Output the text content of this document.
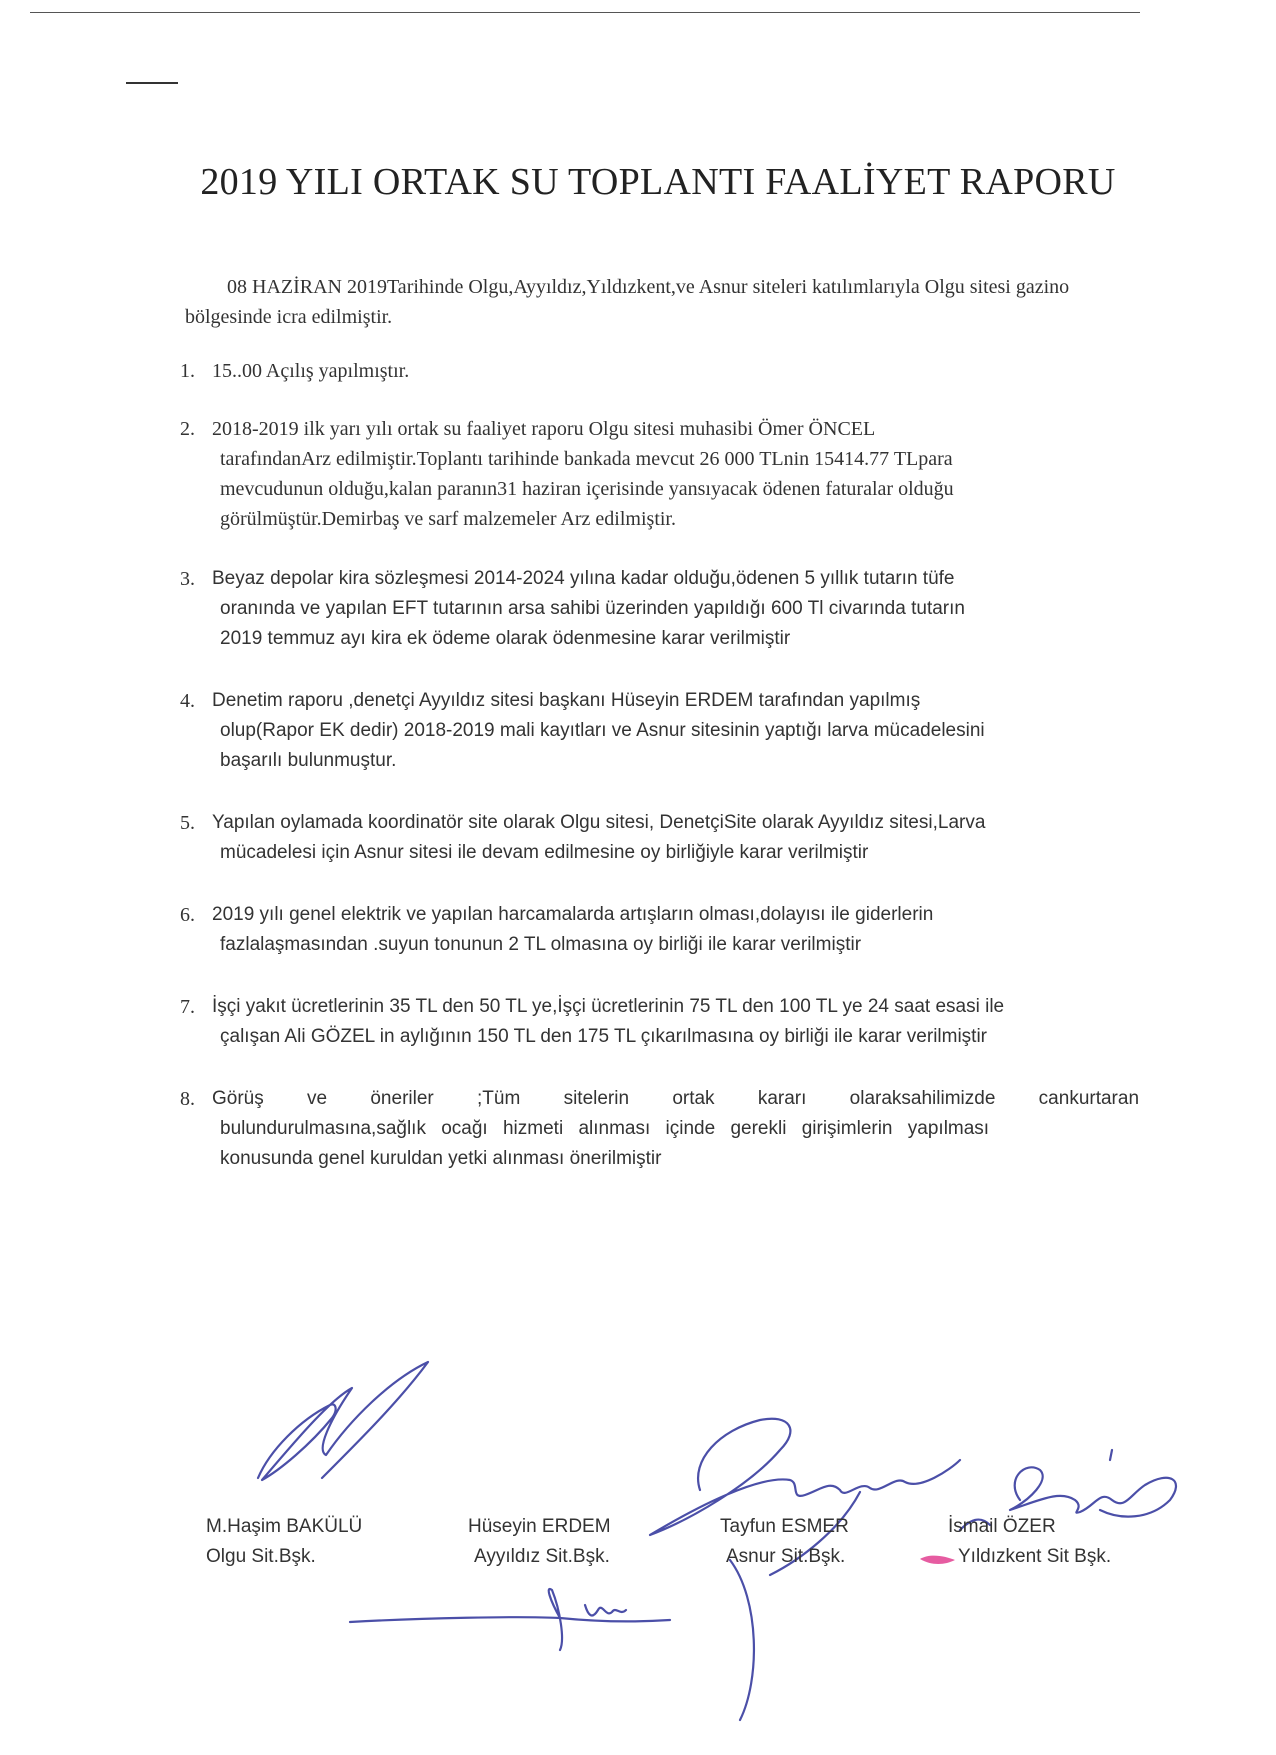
2019 YILI ORTAK SU TOPLANTI FAALİYET RAPORU
08 HAZİRAN 2019Tarihinde Olgu,Ayyıldız,Yıldızkent,ve Asnur siteleri katılımlarıyla Olgu sitesi gazino bölgesinde icra edilmiştir.
1. 15..00 Açılış yapılmıştır.
2. 2018-2019 ilk yarı yılı ortak su faaliyet raporu Olgu sitesi muhasibi Ömer ÖNCEL
tarafındanArz edilmiştir.Toplantı tarihinde bankada mevcut 26 000 TLnin 15414.77 TLpara
mevcudunun olduğu,kalan paranın31 haziran içerisinde yansıyacak ödenen faturalar olduğu
görülmüştür.Demirbaş ve sarf malzemeler Arz edilmiştir.
3. Beyaz depolar kira sözleşmesi 2014-2024 yılına kadar olduğu,ödenen 5 yıllık tutarın tüfe
oranında ve yapılan EFT tutarının arsa sahibi üzerinden yapıldığı 600 Tl civarında tutarın
2019 temmuz ayı kira ek ödeme olarak ödenmesine karar verilmiştir
4. Denetim raporu ,denetçi Ayyıldız sitesi başkanı Hüseyin ERDEM tarafından yapılmış
olup(Rapor EK dedir) 2018-2019 mali kayıtları ve Asnur sitesinin yaptığı larva mücadelesini
başarılı bulunmuştur.
5. Yapılan oylamada koordinatör site olarak Olgu sitesi, DenetçiSite olarak Ayyıldız sitesi,Larva
mücadelesi için Asnur sitesi ile devam edilmesine oy birliğiyle karar verilmiştir
6. 2019 yılı genel elektrik ve yapılan harcamalarda artışların olması,dolayısı ile giderlerin
fazlalaşmasından .suyun tonunun 2 TL olmasına oy birliği ile karar verilmiştir
7. İşçi yakıt ücretlerinin 35 TL den 50 TL ye,İşçi ücretlerinin 75 TL den 100 TL ye 24 saat esasi ile
çalışan Ali GÖZEL in aylığının 150 TL den 175 TL çıkarılmasına oy birliği ile karar verilmiştir
8. Görüş ve öneriler ;Tüm sitelerin ortak kararı olaraksahilimizde cankurtaran
bulundurulmasına,sağlık ocağı hizmeti alınması içinde gerekli girişimlerin yapılması
konusunda genel kuruldan yetki alınması önerilmiştir
M.Haşim BAKÜLÜ
Olgu Sit.Bşk.
Hüseyin ERDEM
Ayyıldız Sit.Bşk.
Tayfun ESMER
Asnur Sit.Bşk.
İsmail ÖZER
Yıldızkent Sit Bşk.
